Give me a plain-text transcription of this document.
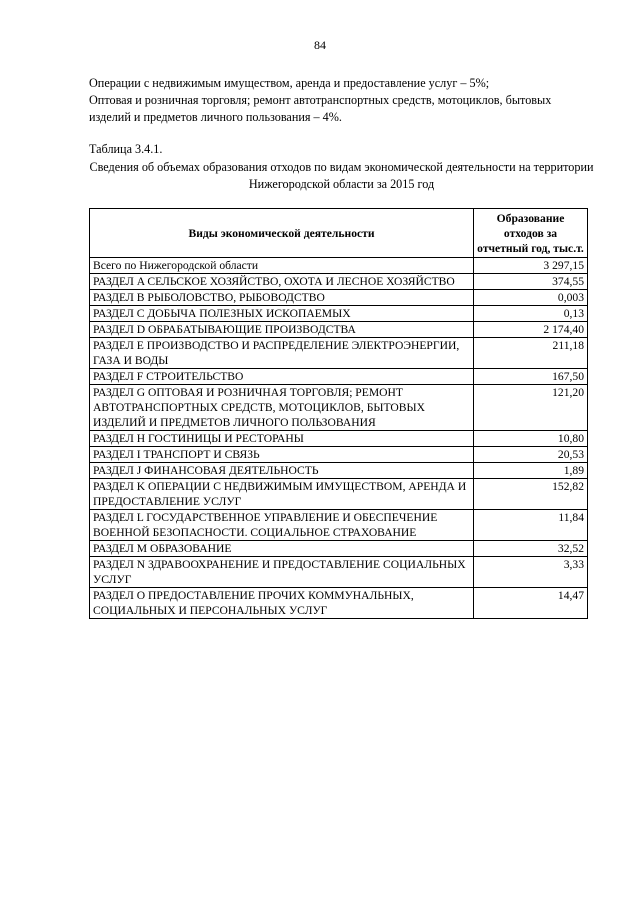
84
Операции с недвижимым имуществом, аренда и предоставление услуг – 5%;
Оптовая и розничная торговля; ремонт автотранспортных средств, мотоциклов, бытовых изделий и предметов личного пользования – 4%.
Таблица 3.4.1.
Сведения об объемах образования отходов по видам экономической деятельности на территории Нижегородской области за 2015 год
Виды экономической деятельности	Образование отходов за отчетный год, тыс.т.
Всего по Нижегородской области	3 297,15
РАЗДЕЛ A СЕЛЬСКОЕ ХОЗЯЙСТВО, ОХОТА И ЛЕСНОЕ ХОЗЯЙСТВО	374,55
РАЗДЕЛ B РЫБОЛОВСТВО, РЫБОВОДСТВО	0,003
РАЗДЕЛ C ДОБЫЧА ПОЛЕЗНЫХ ИСКОПАЕМЫХ	0,13
РАЗДЕЛ D ОБРАБАТЫВАЮЩИЕ ПРОИЗВОДСТВА	2 174,40
РАЗДЕЛ E ПРОИЗВОДСТВО И РАСПРЕДЕЛЕНИЕ ЭЛЕКТРОЭНЕРГИИ, ГАЗА И ВОДЫ	211,18
РАЗДЕЛ F СТРОИТЕЛЬСТВО	167,50
РАЗДЕЛ G ОПТОВАЯ И РОЗНИЧНАЯ ТОРГОВЛЯ; РЕМОНТ АВТОТРАНСПОРТНЫХ СРЕДСТВ, МОТОЦИКЛОВ, БЫТОВЫХ ИЗДЕЛИЙ И ПРЕДМЕТОВ ЛИЧНОГО ПОЛЬЗОВАНИЯ	121,20
РАЗДЕЛ H ГОСТИНИЦЫ И РЕСТОРАНЫ	10,80
РАЗДЕЛ I ТРАНСПОРТ И СВЯЗЬ	20,53
РАЗДЕЛ J ФИНАНСОВАЯ ДЕЯТЕЛЬНОСТЬ	1,89
РАЗДЕЛ K ОПЕРАЦИИ С НЕДВИЖИМЫМ ИМУЩЕСТВОМ, АРЕНДА И ПРЕДОСТАВЛЕНИЕ УСЛУГ	152,82
РАЗДЕЛ L ГОСУДАРСТВЕННОЕ УПРАВЛЕНИЕ И ОБЕСПЕЧЕНИЕ ВОЕННОЙ БЕЗОПАСНОСТИ. СОЦИАЛЬНОЕ СТРАХОВАНИЕ	11,84
РАЗДЕЛ M ОБРАЗОВАНИЕ	32,52
РАЗДЕЛ N ЗДРАВООХРАНЕНИЕ И ПРЕДОСТАВЛЕНИЕ СОЦИАЛЬНЫХ УСЛУГ	3,33
РАЗДЕЛ O ПРЕДОСТАВЛЕНИЕ ПРОЧИХ КОММУНАЛЬНЫХ, СОЦИАЛЬНЫХ И ПЕРСОНАЛЬНЫХ УСЛУГ	14,47
